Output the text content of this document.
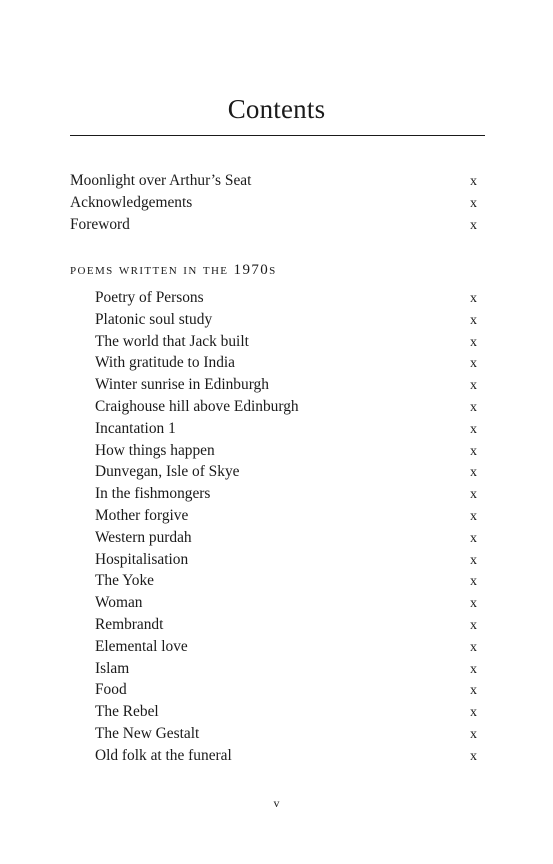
Contents
Moonlight over Arthur’s Seat	x
Acknowledgements	x
Foreword	x
poems written in the 1970s
Poetry of Persons	x
Platonic soul study	x
The world that Jack built	x
With gratitude to India	x
Winter sunrise in Edinburgh	x
Craighouse hill above Edinburgh	x
Incantation 1	x
How things happen	x
Dunvegan, Isle of Skye	x
In the fishmongers	x
Mother forgive	x
Western purdah	x
Hospitalisation	x
The Yoke	x
Woman	x
Rembrandt	x
Elemental love	x
Islam	x
Food	x
The Rebel	x
The New Gestalt	x
Old folk at the funeral	x
v
